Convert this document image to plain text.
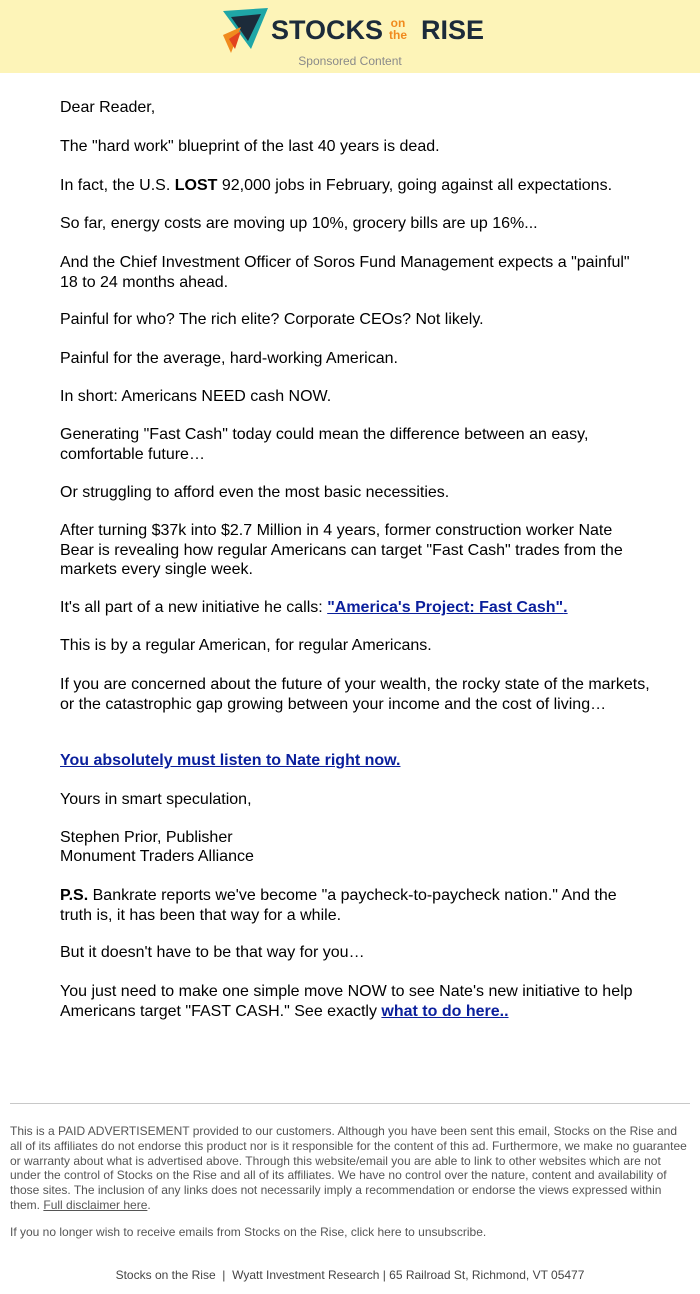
STOCKS on
the RISE
Sponsored Content
Dear Reader,
The "hard work" blueprint of the last 40 years is dead.
In fact, the U.S. LOST 92,000 jobs in February, going against all expectations.
So far, energy costs are moving up 10%, grocery bills are up 16%...
And the Chief Investment Officer of Soros Fund Management expects a "painful" 18 to 24 months ahead.
Painful for who? The rich elite? Corporate CEOs? Not likely.
Painful for the average, hard-working American.
In short: Americans NEED cash NOW.
Generating "Fast Cash" today could mean the difference between an easy, comfortable future…
Or struggling to afford even the most basic necessities.
After turning $37k into $2.7 Million in 4 years, former construction worker Nate Bear is revealing how regular Americans can target "Fast Cash" trades from the markets every single week.
It's all part of a new initiative he calls: "America's Project: Fast Cash".
This is by a regular American, for regular Americans.
If you are concerned about the future of your wealth, the rocky state of the markets, or the catastrophic gap growing between your income and the cost of living…
You absolutely must listen to Nate right now.
Yours in smart speculation,
Stephen Prior, Publisher
Monument Traders Alliance
P.S. Bankrate reports we've become "a paycheck-to-paycheck nation." And the truth is, it has been that way for a while.
But it doesn't have to be that way for you…
You just need to make one simple move NOW to see Nate's new initiative to help Americans target "FAST CASH." See exactly what to do here..
This is a PAID ADVERTISEMENT provided to our customers. Although you have been sent this email, Stocks on the Rise and all of its affiliates do not endorse this product nor is it responsible for the content of this ad. Furthermore, we make no guarantee or warranty about what is advertised above. Through this website/email you are able to link to other websites which are not under the control of Stocks on the Rise and all of its affiliates. We have no control over the nature, content and availability of those sites. The inclusion of any links does not necessarily imply a recommendation or endorse the views expressed within them. Full disclaimer here.
If you no longer wish to receive emails from Stocks on the Rise, click here to unsubscribe.
Stocks on the Rise  |  Wyatt Investment Research | 65 Railroad St, Richmond, VT 05477
